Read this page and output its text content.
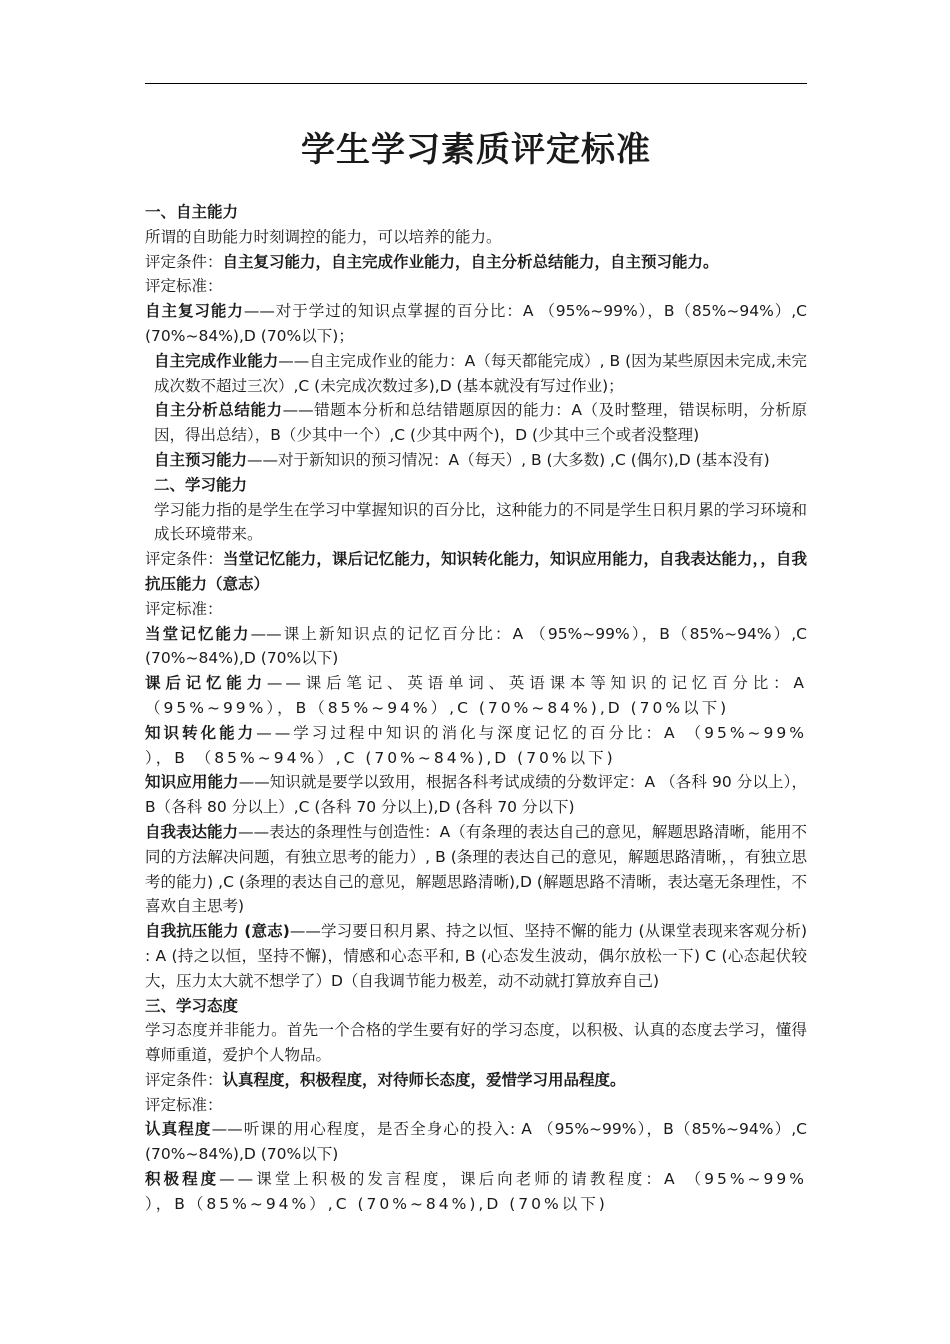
学生学习素质评定标准

一、自主能力

所谓的自助能力时刻调控的能力，可以培养的能力。

评定条件：自主复习能力，自主完成作业能力，自主分析总结能力，自主预习能力。

评定标准：

自主复习能力——对于学过的知识点掌握的百分比：A （95%~99%），B（85%~94%）,C (70%~84%),D (70%以下)；

自主完成作业能力——自主完成作业的能力：A（每天都能完成）, B (因为某些原因未完成,未完成次数不超过三次）,C (未完成次数过多),D (基本就没有写过作业)；

自主分析总结能力——错题本分析和总结错题原因的能力：A（及时整理，错误标明，分析原因，得出总结），B（少其中一个）,C (少其中两个)，D (少其中三个或者没整理)

自主预习能力——对于新知识的预习情况：A（每天）, B (大多数) ,C (偶尔),D (基本没有)

二、学习能力

学习能力指的是学生在学习中掌握知识的百分比，这种能力的不同是学生日积月累的学习环境和成长环境带来。

评定条件：当堂记忆能力，课后记忆能力，知识转化能力，知识应用能力，自我表达能力，，自我抗压能力（意志）

评定标准：

当堂记忆能力——课上新知识点的记忆百分比：A （95%~99%），B（85%~94%）,C (70%~84%),D (70%以下)

课后记忆能力——课后笔记、英语单词、英语课本等知识的记忆百分比：A （95%~99%），B（85%~94%）,C (70%~84%),D (70%以下)

知识转化能力——学习过程中知识的消化与深度记忆的百分比：A （95%~99% ），B （85%~94%）,C (70%~84%),D (70%以下)

知识应用能力——知识就是要学以致用，根据各科考试成绩的分数评定：A （各科 90 分以上），B（各科 80 分以上）,C (各科 70 分以上),D (各科 70 分以下)

自我表达能力——表达的条理性与创造性：A（有条理的表达自己的意见，解题思路清晰，能用不同的方法解决问题，有独立思考的能力）, B (条理的表达自己的意见，解题思路清晰，，有独立思考的能力) ,C (条理的表达自己的意见，解题思路清晰),D (解题思路不清晰，表达毫无条理性，不喜欢自主思考)

自我抗压能力 (意志)——学习要日积月累、持之以恒、坚持不懈的能力 (从课堂表现来客观分析) : A (持之以恒，坚持不懈)，情感和心态平和, B (心态发生波动，偶尔放松一下) C (心态起伏较大，压力太大就不想学了）D（自我调节能力极差，动不动就打算放弃自己)

三、学习态度

学习态度并非能力。首先一个合格的学生要有好的学习态度，以积极、认真的态度去学习，懂得尊师重道，爱护个人物品。

评定条件：认真程度，积极程度，对待师长态度，爱惜学习用品程度。

评定标准：

认真程度——听课的用心程度，是否全身心的投入: A （95%~99%），B（85%~94%）,C (70%~84%),D (70%以下)

积极程度——课堂上积极的发言程度，课后向老师的请教程度：A （95%~99% ），B（85%~94%）,C (70%~84%),D (70%以下)
